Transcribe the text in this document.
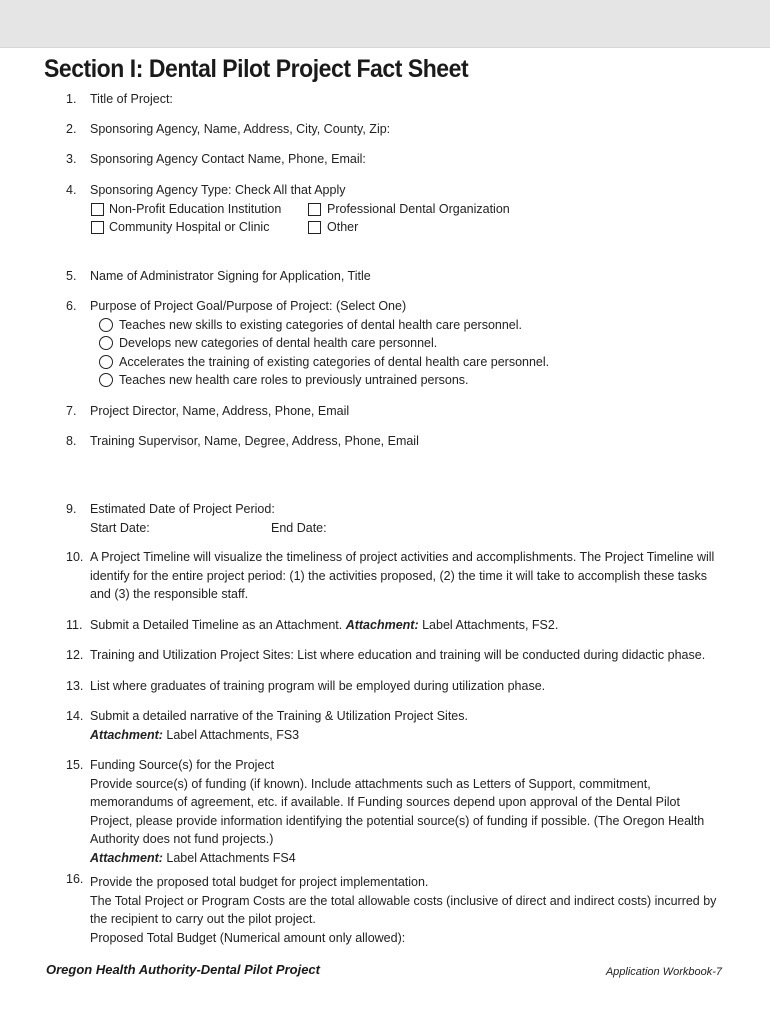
Section I: Dental Pilot Project Fact Sheet
1.	Title of Project:
2.	Sponsoring Agency, Name, Address, City, County, Zip:
3.	Sponsoring Agency Contact Name, Phone, Email:
4.	Sponsoring Agency Type: Check All that Apply
Non-Profit Education Institution	Professional Dental Organization
Community Hospital or Clinic	Other
5.	Name of Administrator Signing for Application, Title
6.	Purpose of Project Goal/Purpose of Project: (Select One)
Teaches new skills to existing categories of dental health care personnel.
Develops new categories of dental health care personnel.
Accelerates the training of existing categories of dental health care personnel.
Teaches new health care roles to previously untrained persons.
7.	Project Director, Name, Address, Phone, Email
8.	Training Supervisor, Name, Degree, Address, Phone, Email
9.	Estimated Date of Project Period:
Start Date:	End Date:
10. A Project Timeline will visualize the timeliness of project activities and accomplishments. The Project Timeline will
identify for the entire project period: (1) the activities proposed, (2) the time it will take to accomplish these tasks
and (3) the responsible staff.
11. Submit a Detailed Timeline as an Attachment. Attachment: Label Attachments, FS2.
12. Training and Utilization Project Sites: List where education and training will be conducted during didactic phase.
13. List where graduates of training program will be employed during utilization phase.
14. Submit a detailed narrative of the Training & Utilization Project Sites.
Attachment: Label Attachments, FS3
15. Funding Source(s) for the Project
Provide source(s) of funding (if known). Include attachments such as Letters of Support, commitment,
memorandums of agreement, etc. if available. If Funding sources depend upon approval of the Dental Pilot
Project, please provide information identifying the potential source(s) of funding if possible. (The Oregon Health
Authority does not fund projects.)
Attachment: Label Attachments FS4
16. Provide the proposed total budget for project implementation.
The Total Project or Program Costs are the total allowable costs (inclusive of direct and indirect costs) incurred by
the recipient to carry out the pilot project.
Proposed Total Budget (Numerical amount only allowed):
Oregon Health Authority-Dental Pilot Project	Application Workbook-7
